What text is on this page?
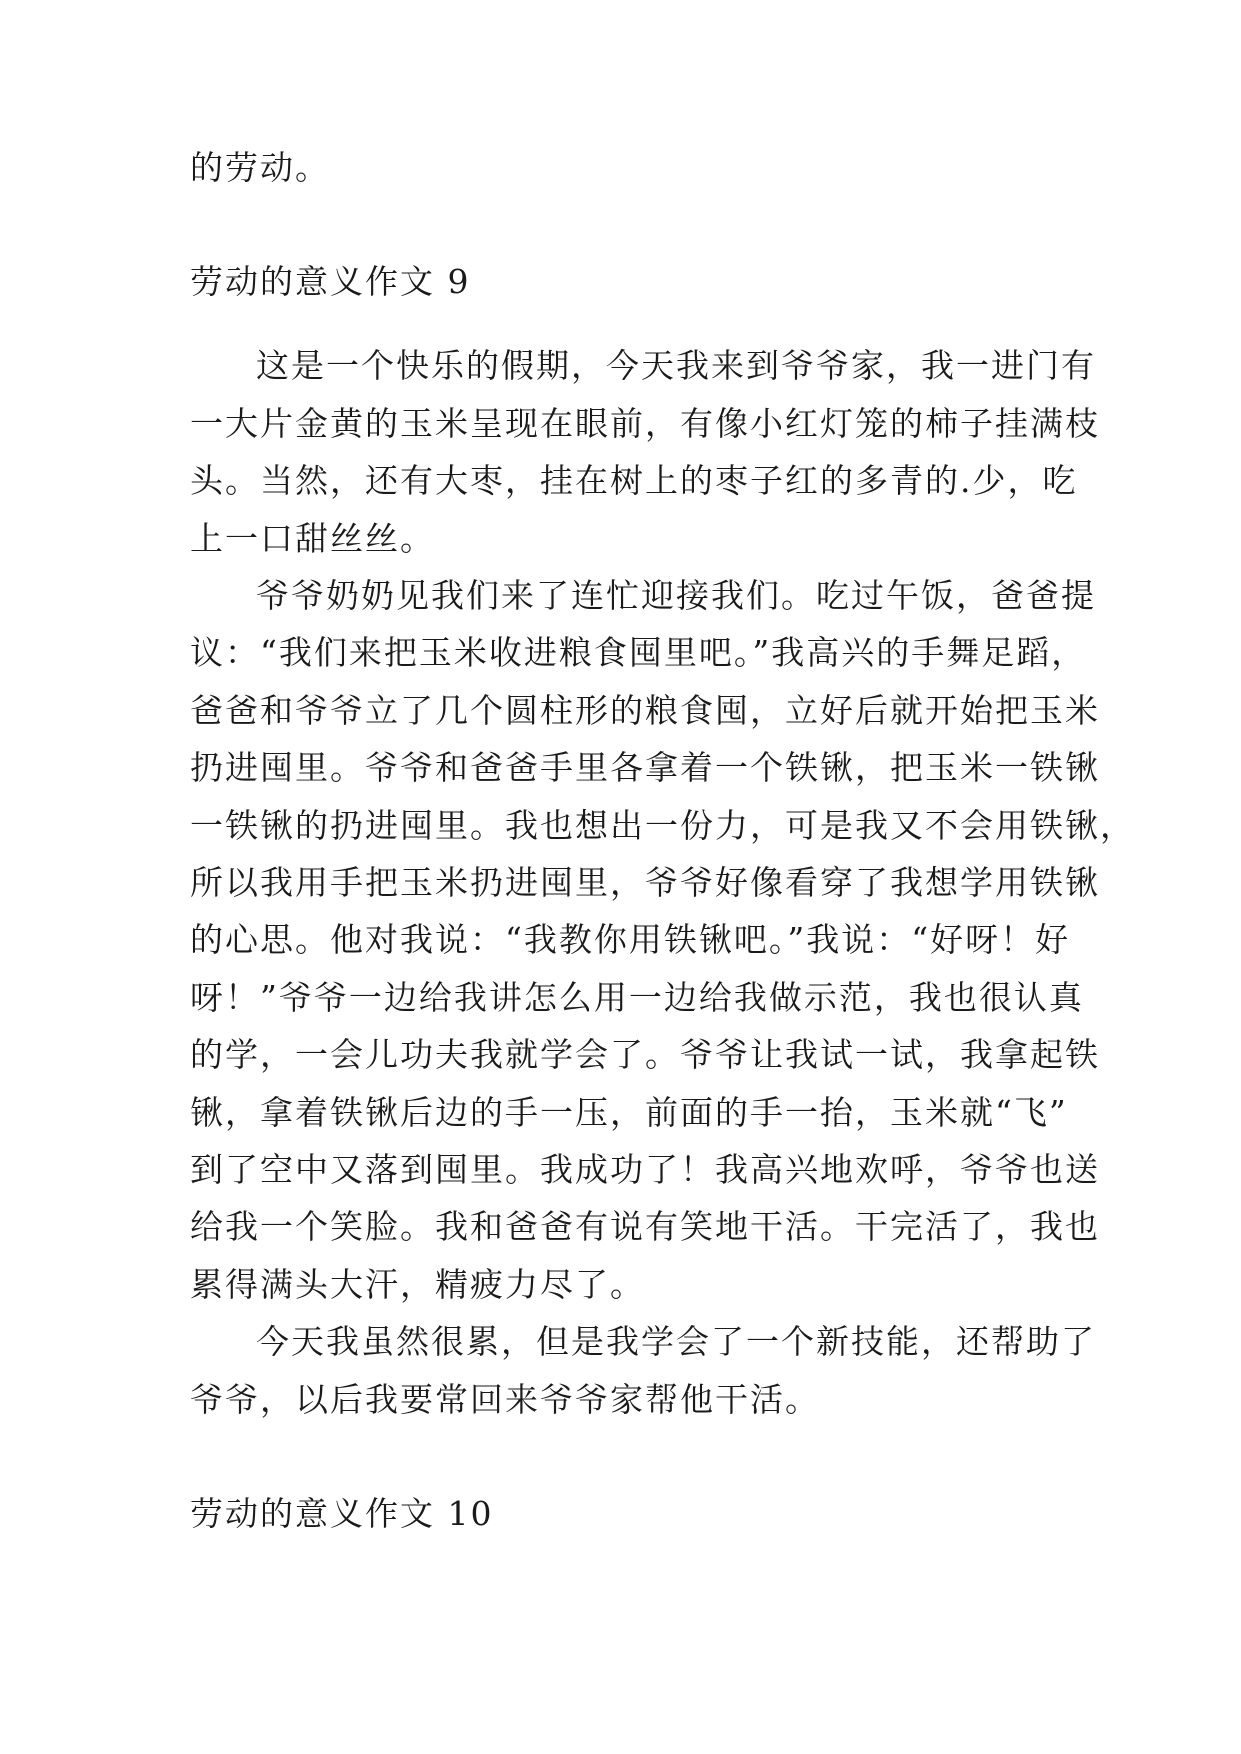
的劳动。
劳动的意义作文 9
这是一个快乐的假期，今天我来到爷爷家，我一进门有
一大片金黄的玉米呈现在眼前，有像小红灯笼的柿子挂满枝
头。当然，还有大枣，挂在树上的枣子红的多青的.少，吃
上一口甜丝丝。
爷爷奶奶见我们来了连忙迎接我们。吃过午饭，爸爸提
议：“我们来把玉米收进粮食囤里吧。”我高兴的手舞足蹈，
爸爸和爷爷立了几个圆柱形的粮食囤，立好后就开始把玉米
扔进囤里。爷爷和爸爸手里各拿着一个铁锹，把玉米一铁锹
一铁锹的扔进囤里。我也想出一份力，可是我又不会用铁锹，
所以我用手把玉米扔进囤里，爷爷好像看穿了我想学用铁锹
的心思。他对我说：“我教你用铁锹吧。”我说：“好呀！好
呀！”爷爷一边给我讲怎么用一边给我做示范，我也很认真
的学，一会儿功夫我就学会了。爷爷让我试一试，我拿起铁
锹，拿着铁锹后边的手一压，前面的手一抬，玉米就“飞”
到了空中又落到囤里。我成功了！我高兴地欢呼，爷爷也送
给我一个笑脸。我和爸爸有说有笑地干活。干完活了，我也
累得满头大汗，精疲力尽了。
今天我虽然很累，但是我学会了一个新技能，还帮助了
爷爷，以后我要常回来爷爷家帮他干活。
劳动的意义作文 10
